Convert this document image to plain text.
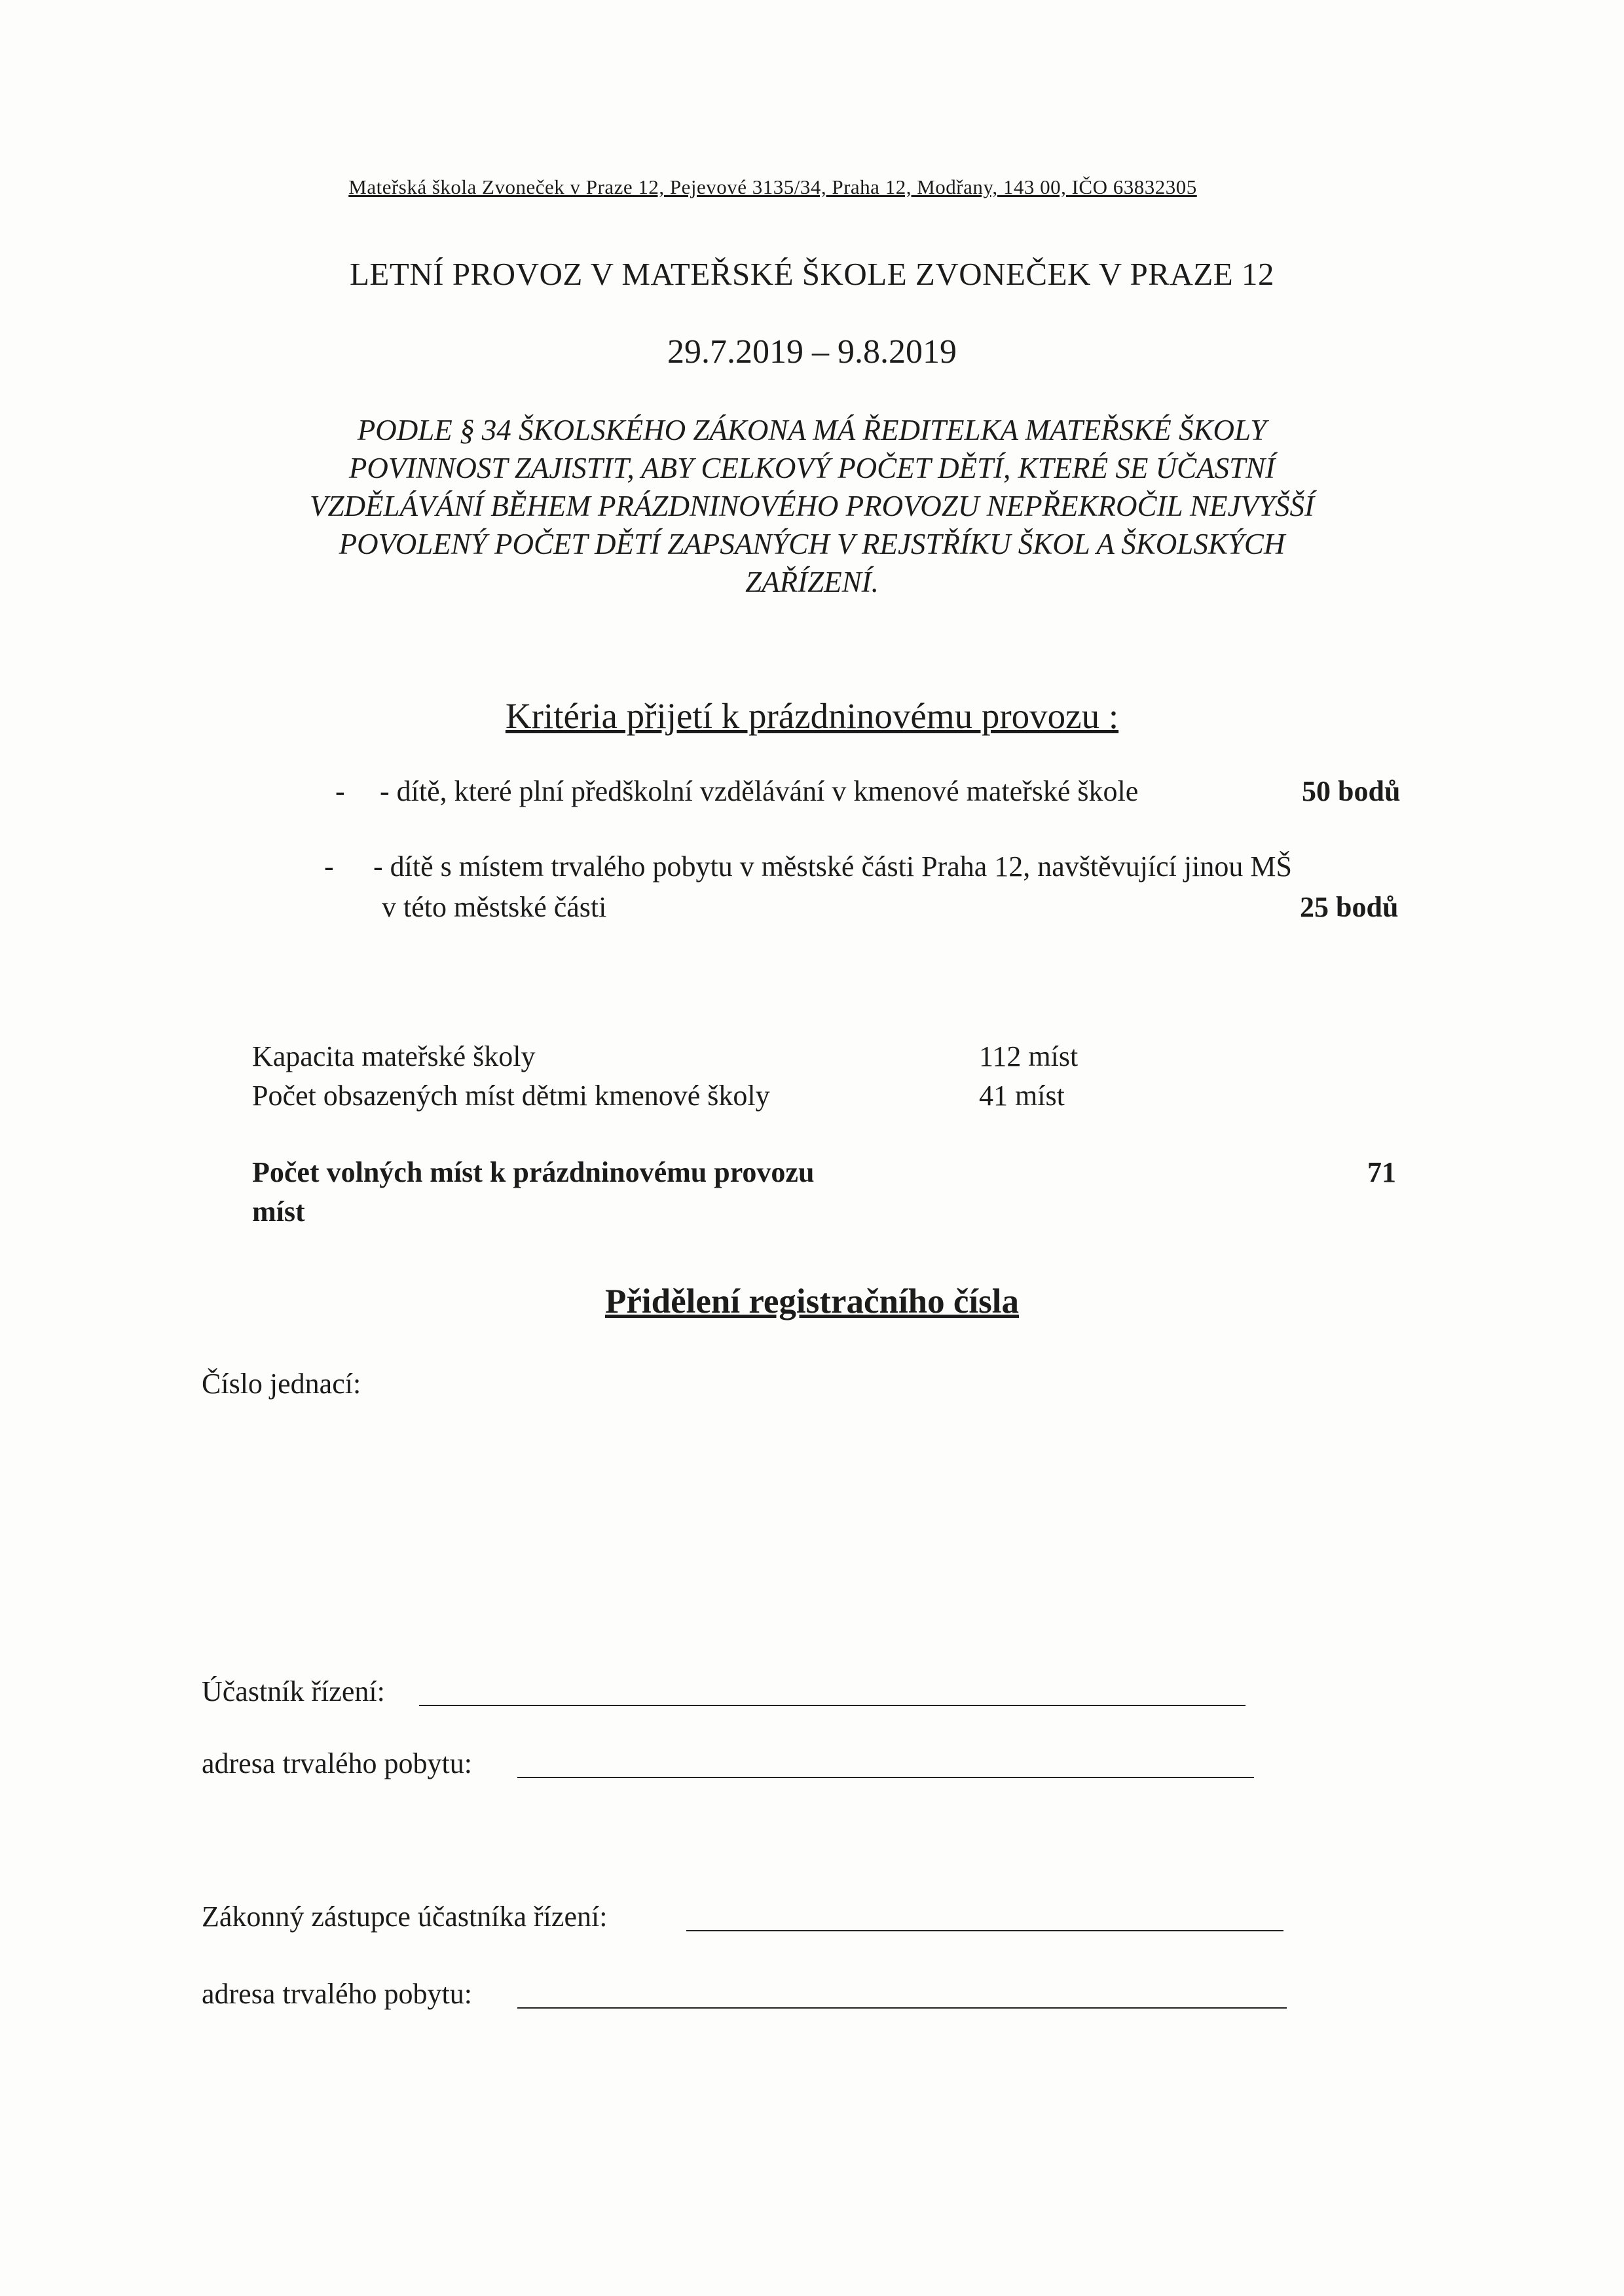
Mateřská škola Zvoneček v Praze 12, Pejevové 3135/34, Praha 12, Modřany, 143 00, IČO 63832305
LETNÍ PROVOZ V MATEŘSKÉ ŠKOLE ZVONEČEK V PRAZE 12
29.7.2019 – 9.8.2019
PODLE § 34 ŠKOLSKÉHO ZÁKONA MÁ ŘEDITELKA MATEŘSKÉ ŠKOLY
POVINNOST ZAJISTIT, ABY CELKOVÝ POČET DĚTÍ, KTERÉ SE ÚČASTNÍ
VZDĚLÁVÁNÍ BĚHEM PRÁZDNINOVÉHO PROVOZU NEPŘEKROČIL NEJVYŠŠÍ
POVOLENÝ POČET DĚTÍ ZAPSANÝCH V REJSTŘÍKU ŠKOL A ŠKOLSKÝCH
ZAŘÍZENÍ.
Kritéria přijetí k prázdninovému provozu :
- - dítě, které plní předškolní vzdělávání v kmenové mateřské škole	50 bodů
- - dítě s místem trvalého pobytu v městské části Praha 12, navštěvující jinou MŠ
v této městské části	25 bodů
Kapacita mateřské školy	112 míst
Počet obsazených míst dětmi kmenové školy	41 míst
Počet volných míst k prázdninovému provozu	71
míst
Přidělení registračního čísla
Číslo jednací:
Účastník řízení:
adresa trvalého pobytu:
Zákonný zástupce účastníka řízení:
adresa trvalého pobytu:
